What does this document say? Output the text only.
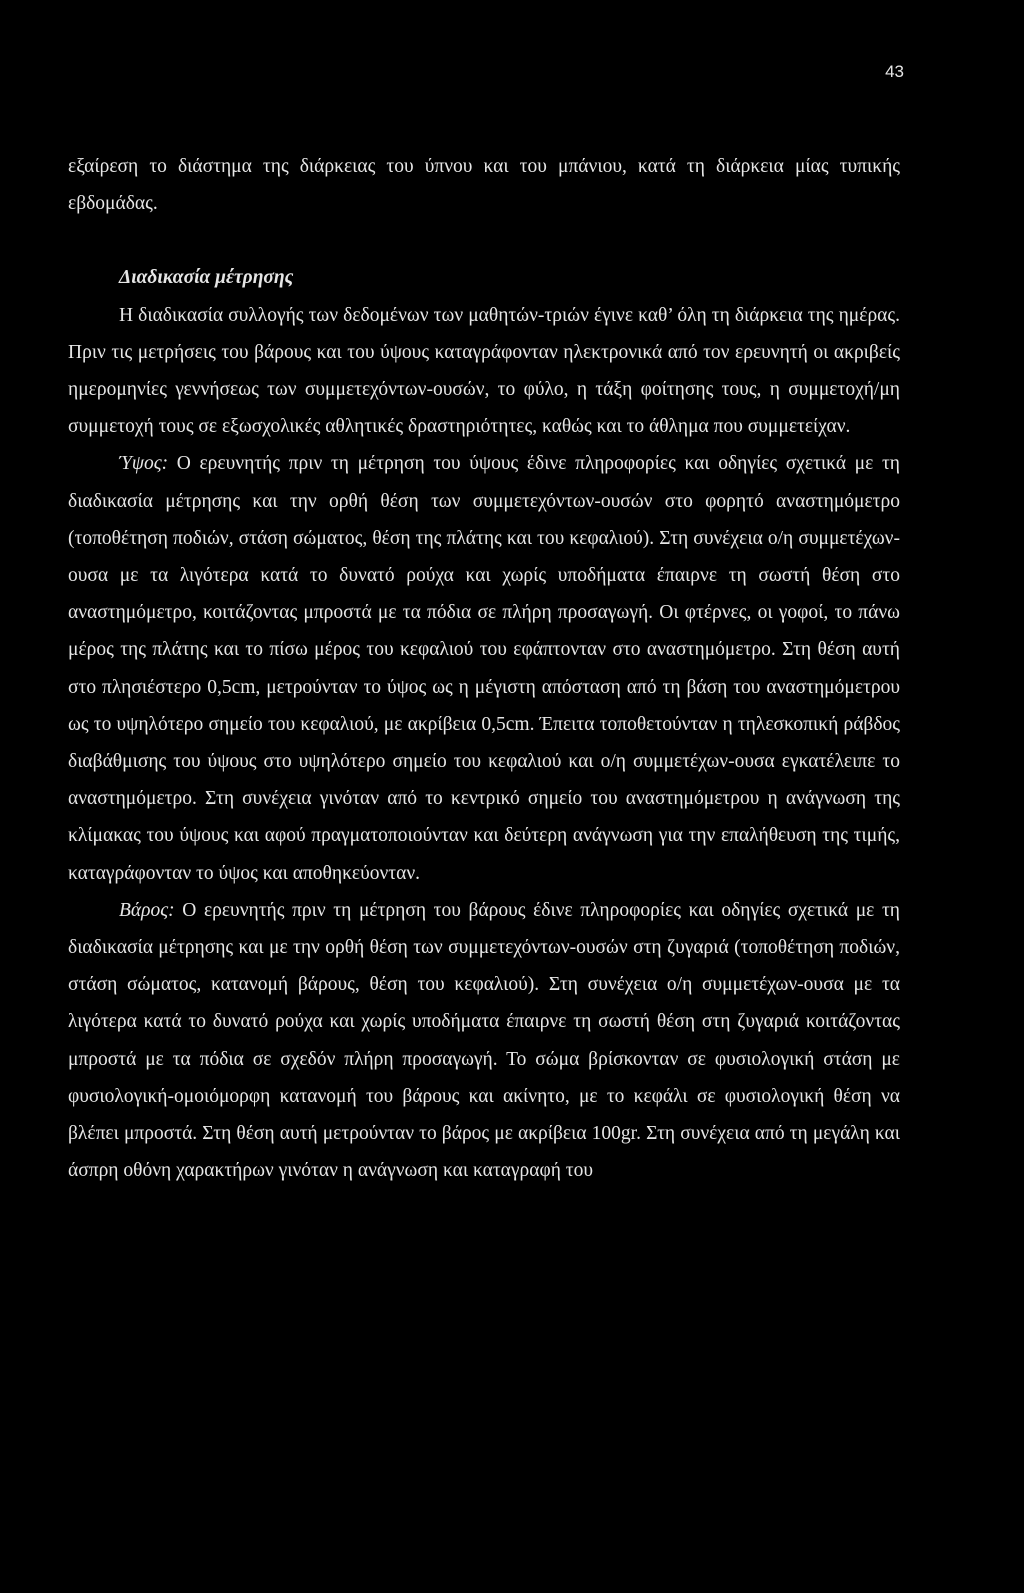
43

εξαίρεση το διάστημα της διάρκειας του ύπνου και του μπάνιου, κατά τη διάρκεια μίας τυπικής εβδομάδας.

Διαδικασία μέτρησης

Η διαδικασία συλλογής των δεδομένων των μαθητών-τριών έγινε καθ’ όλη τη διάρκεια της ημέρας. Πριν τις μετρήσεις του βάρους και του ύψους καταγράφονταν ηλεκτρονικά από τον ερευνητή οι ακριβείς ημερομηνίες γεννήσεως των συμμετεχόντων-ουσών, το φύλο, η τάξη φοίτησης τους, η συμμετοχή/μη συμμετοχή τους σε εξωσχολικές αθλητικές δραστηριότητες, καθώς και το άθλημα που συμμετείχαν.

Ύψος: Ο ερευνητής πριν τη μέτρηση του ύψους έδινε πληροφορίες και οδηγίες σχετικά με τη διαδικασία μέτρησης και την ορθή θέση των συμμετεχόντων-ουσών στο φορητό αναστημόμετρο (τοποθέτηση ποδιών, στάση σώματος, θέση της πλάτης και του κεφαλιού). Στη συνέχεια ο/η συμμετέχων-ουσα με τα λιγότερα κατά το δυνατό ρούχα και χωρίς υποδήματα έπαιρνε τη σωστή θέση στο αναστημόμετρο, κοιτάζοντας μπροστά με τα πόδια σε πλήρη προσαγωγή. Οι φτέρνες, οι γοφοί, το πάνω μέρος της πλάτης και το πίσω μέρος του κεφαλιού του εφάπτονταν στο αναστημόμετρο. Στη θέση αυτή στο πλησιέστερο 0,5cm, μετρούνταν το ύψος ως η μέγιστη απόσταση από τη βάση του αναστημόμετρου ως το υψηλότερο σημείο του κεφαλιού, με ακρίβεια 0,5cm. Έπειτα τοποθετούνταν η τηλεσκοπική ράβδος διαβάθμισης του ύψους στο υψηλότερο σημείο του κεφαλιού και ο/η συμμετέχων-ουσα εγκατέλειπε το αναστημόμετρο. Στη συνέχεια γινόταν από το κεντρικό σημείο του αναστημόμετρου η ανάγνωση της κλίμακας του ύψους και αφού πραγματοποιούνταν και δεύτερη ανάγνωση για την επαλήθευση της τιμής, καταγράφονταν το ύψος και αποθηκεύονταν.

Βάρος: Ο ερευνητής πριν τη μέτρηση του βάρους έδινε πληροφορίες και οδηγίες σχετικά με τη διαδικασία μέτρησης και με την ορθή θέση των συμμετεχόντων-ουσών στη ζυγαριά (τοποθέτηση ποδιών, στάση σώματος, κατανομή βάρους, θέση του κεφαλιού). Στη συνέχεια ο/η συμμετέχων-ουσα με τα λιγότερα κατά το δυνατό ρούχα και χωρίς υποδήματα έπαιρνε τη σωστή θέση στη ζυγαριά κοιτάζοντας μπροστά με τα πόδια σε σχεδόν πλήρη προσαγωγή. Το σώμα βρίσκονταν σε φυσιολογική στάση με φυσιολογική-ομοιόμορφη κατανομή του βάρους και ακίνητο, με το κεφάλι σε φυσιολογική θέση να βλέπει μπροστά. Στη θέση αυτή μετρούνταν το βάρος με ακρίβεια 100gr. Στη συνέχεια από τη μεγάλη και άσπρη οθόνη χαρακτήρων γινόταν η ανάγνωση και καταγραφή του
